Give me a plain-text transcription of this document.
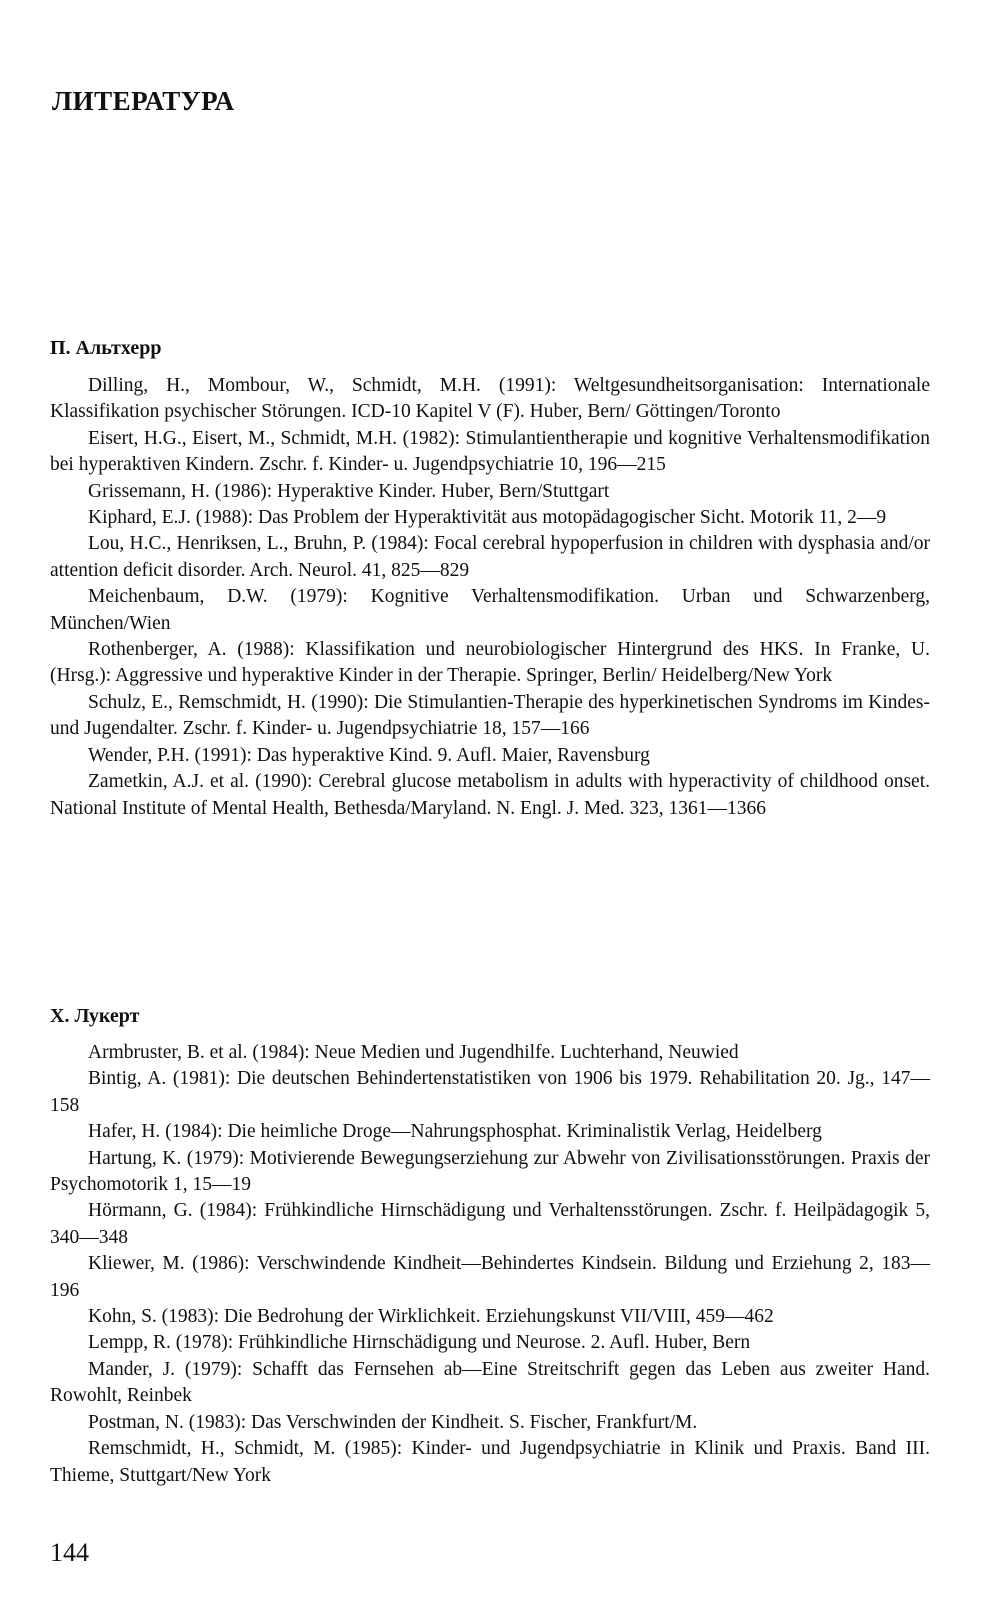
ЛИТЕРАТУРА
П. Альтхерр

Dilling, H., Mombour, W., Schmidt, M.H. (1991): Weltgesundheitsorganisation: Internationale Klassifikation psychischer Störungen. ICD-10 Kapitel V (F). Huber, Bern/ Göttingen/Toronto

Eisert, H.G., Eisert, M., Schmidt, M.H. (1982): Stimulantientherapie und kognitive Verhaltensmodifikation bei hyperaktiven Kindern. Zschr. f. Kinder- u. Jugendpsychiatrie 10, 196—215

Grissemann, H. (1986): Hyperaktive Kinder. Huber, Bern/Stuttgart

Kiphard, E.J. (1988): Das Problem der Hyperaktivität aus motopädagogischer Sicht. Motorik 11, 2—9

Lou, H.C., Henriksen, L., Bruhn, P. (1984): Focal cerebral hypoperfusion in children with dysphasia and/or attention deficit disorder. Arch. Neurol. 41, 825—829

Meichenbaum, D.W. (1979): Kognitive Verhaltensmodifikation. Urban und Schwarzenberg, München/Wien

Rothenberger, A. (1988): Klassifikation und neurobiologischer Hintergrund des HKS. In Franke, U. (Hrsg.): Aggressive und hyperaktive Kinder in der Therapie. Springer, Berlin/ Heidelberg/New York

Schulz, E., Remschmidt, H. (1990): Die Stimulantien-Therapie des hyperkinetischen Syndroms im Kindes- und Jugendalter. Zschr. f. Kinder- u. Jugendpsychiatrie 18, 157—166

Wender, P.H. (1991): Das hyperaktive Kind. 9. Aufl. Maier, Ravensburg

Zametkin, A.J. et al. (1990): Cerebral glucose metabolism in adults with hyperactivity of childhood onset. National Institute of Mental Health, Bethesda/Maryland. N. Engl. J. Med. 323, 1361—1366

Х. Лукерт

Armbruster, B. et al. (1984): Neue Medien und Jugendhilfe. Luchterhand, Neuwied

Bintig, A. (1981): Die deutschen Behindertenstatistiken von 1906 bis 1979. Rehabilitation 20. Jg., 147—158

Hafer, H. (1984): Die heimliche Droge—Nahrungsphosphat. Kriminalistik Verlag, Heidelberg

Hartung, K. (1979): Motivierende Bewegungserziehung zur Abwehr von Zivilisationsstörungen. Praxis der Psychomotorik 1, 15—19

Hörmann, G. (1984): Frühkindliche Hirnschädigung und Verhaltensstörungen. Zschr. f. Heilpädagogik 5, 340—348

Kliewer, M. (1986): Verschwindende Kindheit—Behindertes Kindsein. Bildung und Erziehung 2, 183—196

Kohn, S. (1983): Die Bedrohung der Wirklichkeit. Erziehungskunst VII/VIII, 459—462

Lempp, R. (1978): Frühkindliche Hirnschädigung und Neurose. 2. Aufl. Huber, Bern

Mander, J. (1979): Schafft das Fernsehen ab—Eine Streitschrift gegen das Leben aus zweiter Hand. Rowohlt, Reinbek

Postman, N. (1983): Das Verschwinden der Kindheit. S. Fischer, Frankfurt/M.

Remschmidt, H., Schmidt, M. (1985): Kinder- und Jugendpsychiatrie in Klinik und Praxis. Band III. Thieme, Stuttgart/New York

144
